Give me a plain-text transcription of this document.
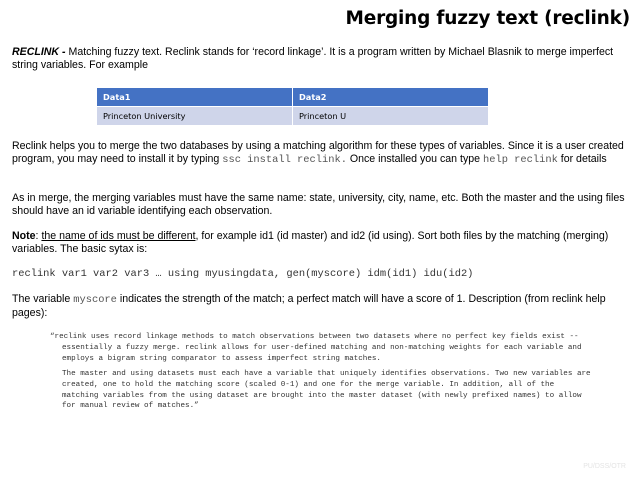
Merging fuzzy text (reclink)
RECLINK - Matching fuzzy text. Reclink stands for ‘record linkage’. It is a program written by Michael Blasnik to merge imperfect string variables. For example
Data1	Data2
Princeton University	Princeton U
Reclink helps you to merge the two databases by using a matching algorithm for these types of variables. Since it is a user created program, you may need to install it by typing ssc install reclink. Once installed you can type help reclink for details
As in merge, the merging variables must have the same name: state, university, city, name, etc. Both the master and the using files should have an id variable identifying each observation.
Note: the name of ids must be different, for example id1 (id master) and id2 (id using). Sort both files by the matching (merging) variables. The basic sytax is:
reclink var1 var2 var3 … using myusingdata, gen(myscore) idm(id1) idu(id2)
The variable myscore indicates the strength of the match; a perfect match will have a score of 1. Description (from reclink help pages):
“reclink uses record linkage methods to match observations between two datasets where no perfect key fields exist --
essentially a fuzzy merge. reclink allows for user-defined matching and non-matching weights for each variable and
employs a bigram string comparator to assess imperfect string matches.
The master and using datasets must each have a variable that uniquely identifies observations. Two new variables are
created, one to hold the matching score (scaled 0-1) and one for the merge variable. In addition, all of the
matching variables from the using dataset are brought into the master dataset (with newly prefixed names) to allow
for manual review of matches.”
PU/DSS/OTR
